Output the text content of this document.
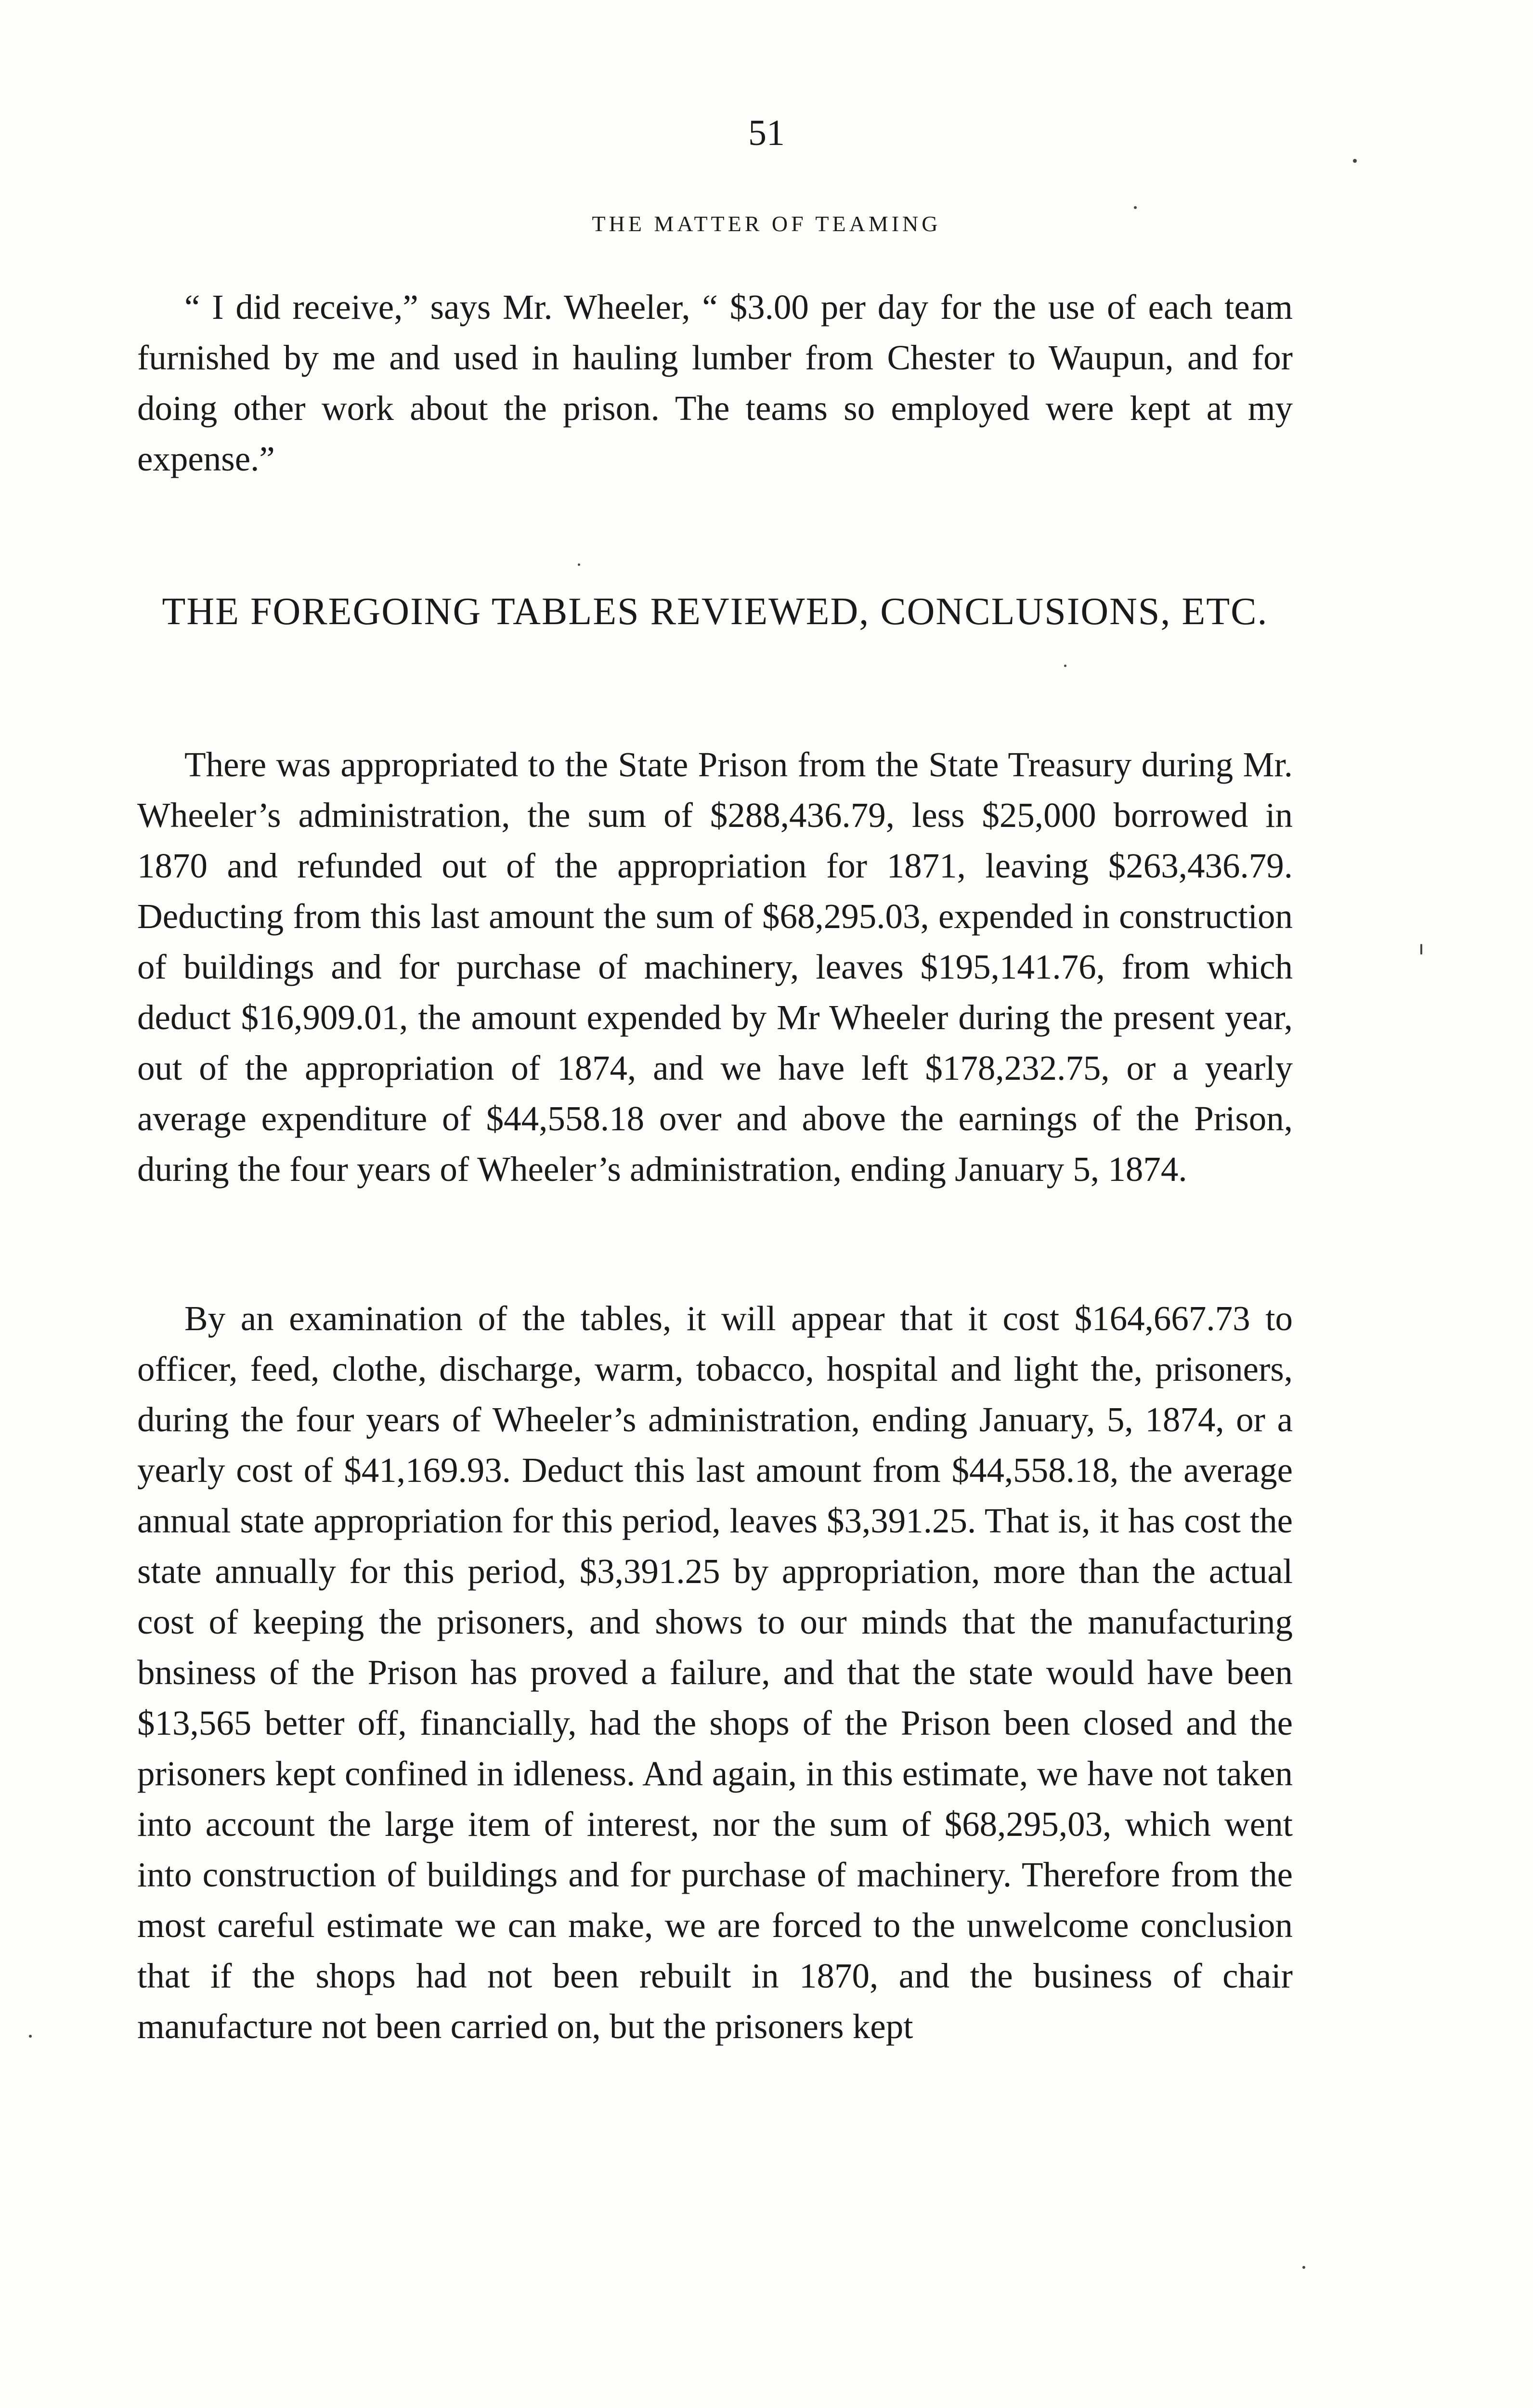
51
THE MATTER OF TEAMING

“ I did receive,” says Mr. Wheeler, “ $3.00 per day for the use of each team furnished by me and used in hauling lumber from Chester to Waupun, and for doing other work about the prison. The teams so employed were kept at my expense.”

THE FOREGOING TABLES REVIEWED, CONCLUSIONS, ETC.

There was appropriated to the State Prison from the State Treasury during Mr. Wheeler’s administration, the sum of $288,436.79, less $25,000 borrowed in 1870 and refunded out of the appropriation for 1871, leaving $263,436.79. Deducting from this last amount the sum of $68,295.03, expended in construction of buildings and for purchase of machinery, leaves $195,141.76, from which deduct $16,909.01, the amount expended by Mr Wheeler during the present year, out of the appropriation of 1874, and we have left $178,232.75, or a yearly average expenditure of $44,558.18 over and above the earnings of the Prison, during the four years of Wheeler’s administration, ending January 5, 1874.

By an examination of the tables, it will appear that it cost $164,667.73 to officer, feed, clothe, discharge, warm, tobacco, hospital and light the, prisoners, during the four years of Wheeler’s administration, ending January, 5, 1874, or a yearly cost of $41,169.93. Deduct this last amount from $44,558.18, the average annual state appropriation for this period, leaves $3,391.25. That is, it has cost the state annually for this period, $3,391.25 by appropriation, more than the actual cost of keeping the prisoners, and shows to our minds that the manufacturing bnsiness of the Prison has proved a failure, and that the state would have been $13,565 better off, financially, had the shops of the Prison been closed and the prisoners kept confined in idleness. And again, in this estimate, we have not taken into account the large item of interest, nor the sum of $68,295,03, which went into construction of buildings and for purchase of machinery. Therefore from the most careful estimate we can make, we are forced to the unwelcome conclusion that if the shops had not been rebuilt in 1870, and the business of chair manufacture not been carried on, but the prisoners kept
